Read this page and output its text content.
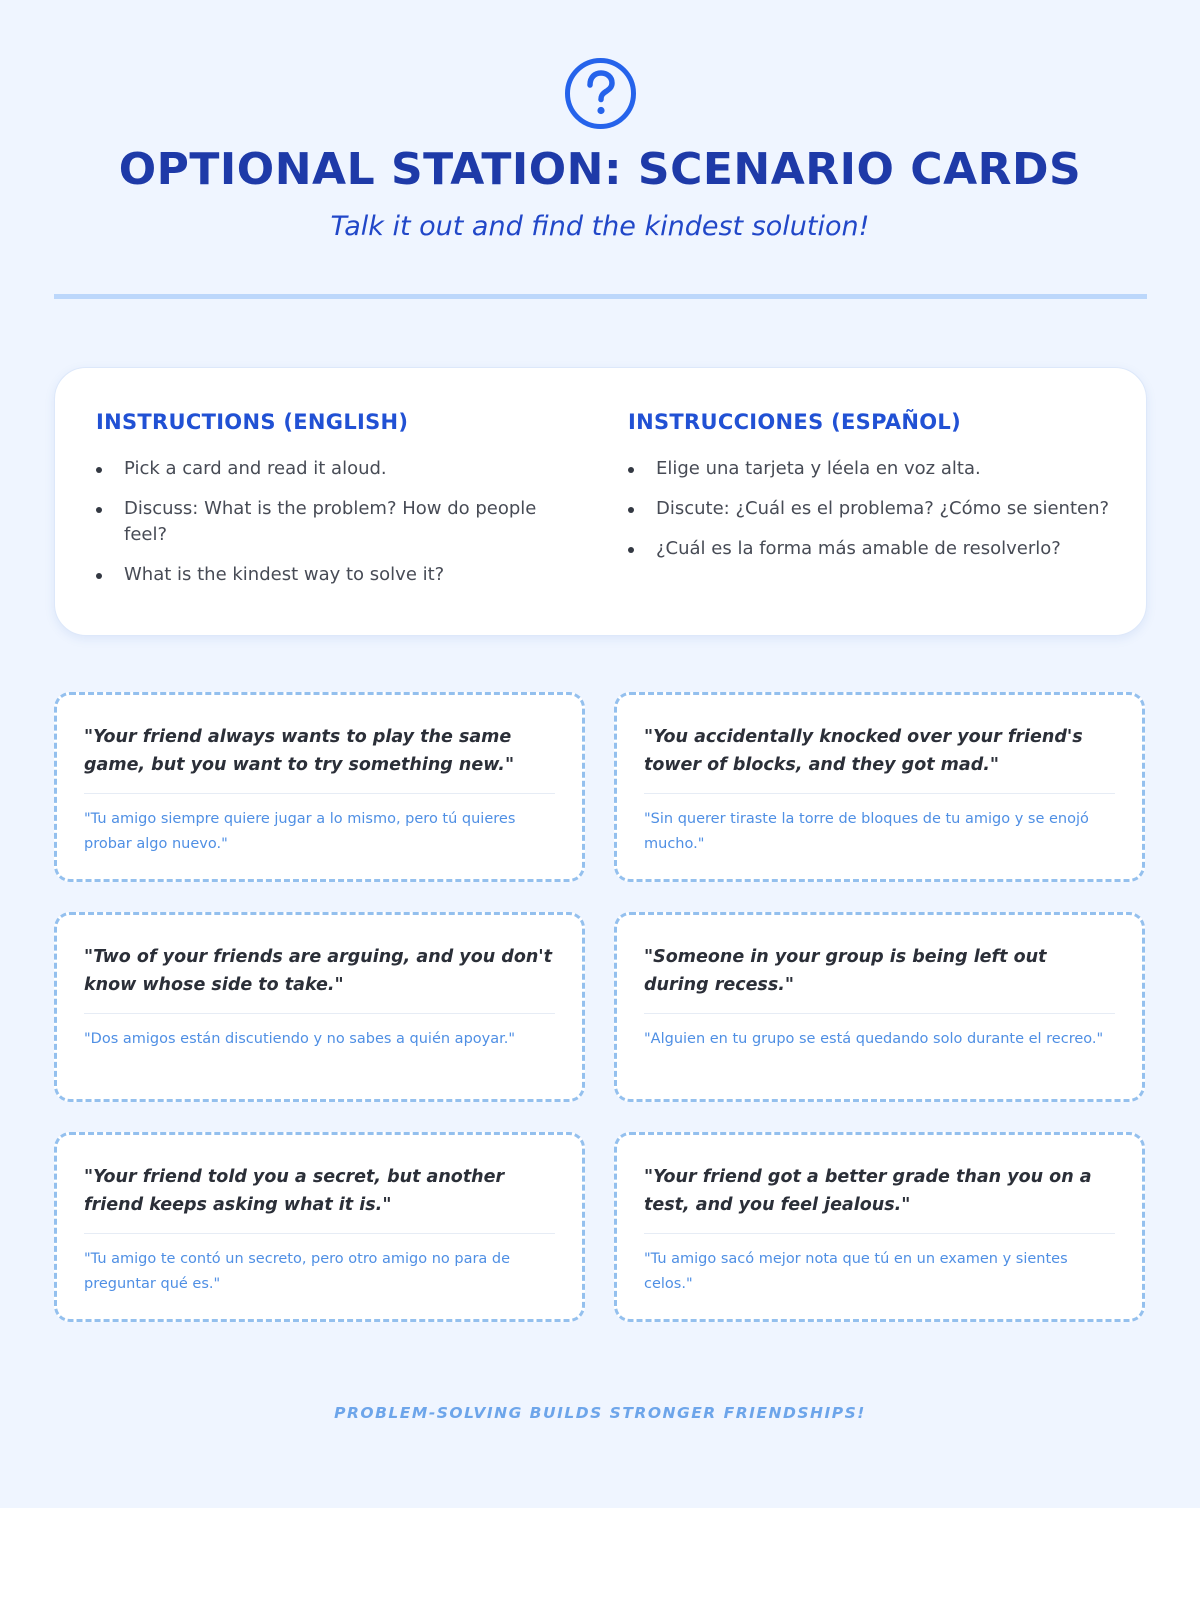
OPTIONAL STATION: SCENARIO CARDS
Talk it out and find the kindest solution!
INSTRUCTIONS (ENGLISH)
Pick a card and read it aloud.
Discuss: What is the problem? How do people feel?
What is the kindest way to solve it?
INSTRUCCIONES (ESPAÑOL)
Elige una tarjeta y léela en voz alta.
Discute: ¿Cuál es el problema? ¿Cómo se sienten?
¿Cuál es la forma más amable de resolverlo?
"Your friend always wants to play the same game, but you want to try something new."
"Tu amigo siempre quiere jugar a lo mismo, pero tú quieres probar algo nuevo."
"You accidentally knocked over your friend's tower of blocks, and they got mad."
"Sin querer tiraste la torre de bloques de tu amigo y se enojó mucho."
"Two of your friends are arguing, and you don't know whose side to take."
"Dos amigos están discutiendo y no sabes a quién apoyar."
"Someone in your group is being left out during recess."
"Alguien en tu grupo se está quedando solo durante el recreo."
"Your friend told you a secret, but another friend keeps asking what it is."
"Tu amigo te contó un secreto, pero otro amigo no para de preguntar qué es."
"Your friend got a better grade than you on a test, and you feel jealous."
"Tu amigo sacó mejor nota que tú en un examen y sientes celos."
PROBLEM-SOLVING BUILDS STRONGER FRIENDSHIPS!
